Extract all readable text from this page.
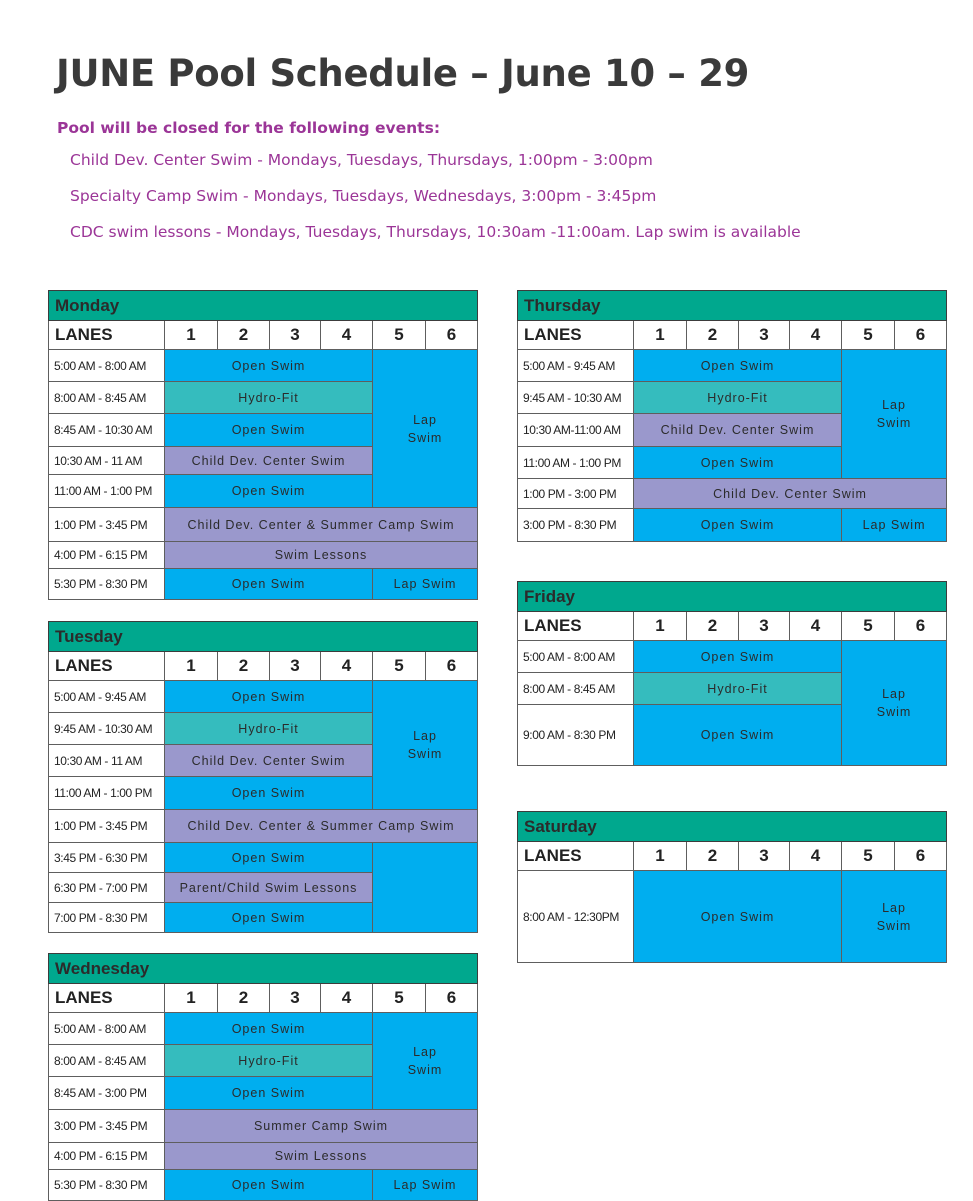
JUNE Pool Schedule – June 10 – 29
Pool will be closed for the following events:
Child Dev. Center Swim - Mondays, Tuesdays, Thursdays, 1:00pm - 3:00pm
Specialty Camp Swim - Mondays, Tuesdays, Wednesdays, 3:00pm - 3:45pm
CDC swim lessons - Mondays, Tuesdays, Thursdays, 10:30am -11:00am. Lap swim is available
Monday						
LANES	1	2	3	4	5	6
5:00 AM - 8:00 AM	Open Swim				Lap
Swim	
8:00 AM - 8:45 AM	Hydro-Fit					
8:45 AM - 10:30 AM	Open Swim					
10:30 AM - 11 AM	Child Dev. Center Swim					
11:00 AM - 1:00 PM	Open Swim					
1:00 PM - 3:45 PM	Child Dev. Center & Summer Camp Swim					
4:00 PM - 6:15 PM	Swim Lessons					
5:30 PM - 8:30 PM	Open Swim				Lap Swim	
Tuesday						
LANES	1	2	3	4	5	6
5:00 AM - 9:45 AM	Open Swim				Lap
Swim	
9:45 AM - 10:30 AM	Hydro-Fit					
10:30 AM - 11 AM	Child Dev. Center Swim					
11:00 AM - 1:00 PM	Open Swim					
1:00 PM - 3:45 PM	Child Dev. Center & Summer Camp Swim					
3:45 PM - 6:30 PM	Open Swim					
6:30 PM - 7:00 PM	Parent/Child Swim Lessons					
7:00 PM - 8:30 PM	Open Swim					
Wednesday						
LANES	1	2	3	4	5	6
5:00 AM - 8:00 AM	Open Swim				Lap
Swim	
8:00 AM - 8:45 AM	Hydro-Fit					
8:45 AM - 3:00 PM	Open Swim					
3:00 PM - 3:45 PM	Summer Camp Swim					
4:00 PM - 6:15 PM	Swim Lessons					
5:30 PM - 8:30 PM	Open Swim				Lap Swim	
Thursday						
LANES	1	2	3	4	5	6
5:00 AM - 9:45 AM	Open Swim				Lap
Swim	
9:45 AM - 10:30 AM	Hydro-Fit					
10:30 AM-11:00 AM	Child Dev. Center Swim					
11:00 AM - 1:00 PM	Open Swim					
1:00 PM - 3:00 PM	Child Dev. Center Swim					
3:00 PM - 8:30 PM	Open Swim				Lap Swim	
Friday						
LANES	1	2	3	4	5	6
5:00 AM - 8:00 AM	Open Swim				Lap
Swim	
8:00 AM - 8:45 AM	Hydro-Fit					
9:00 AM - 8:30 PM	Open Swim					
Saturday						
LANES	1	2	3	4	5	6
8:00 AM - 12:30PM	Open Swim				Lap
Swim	
